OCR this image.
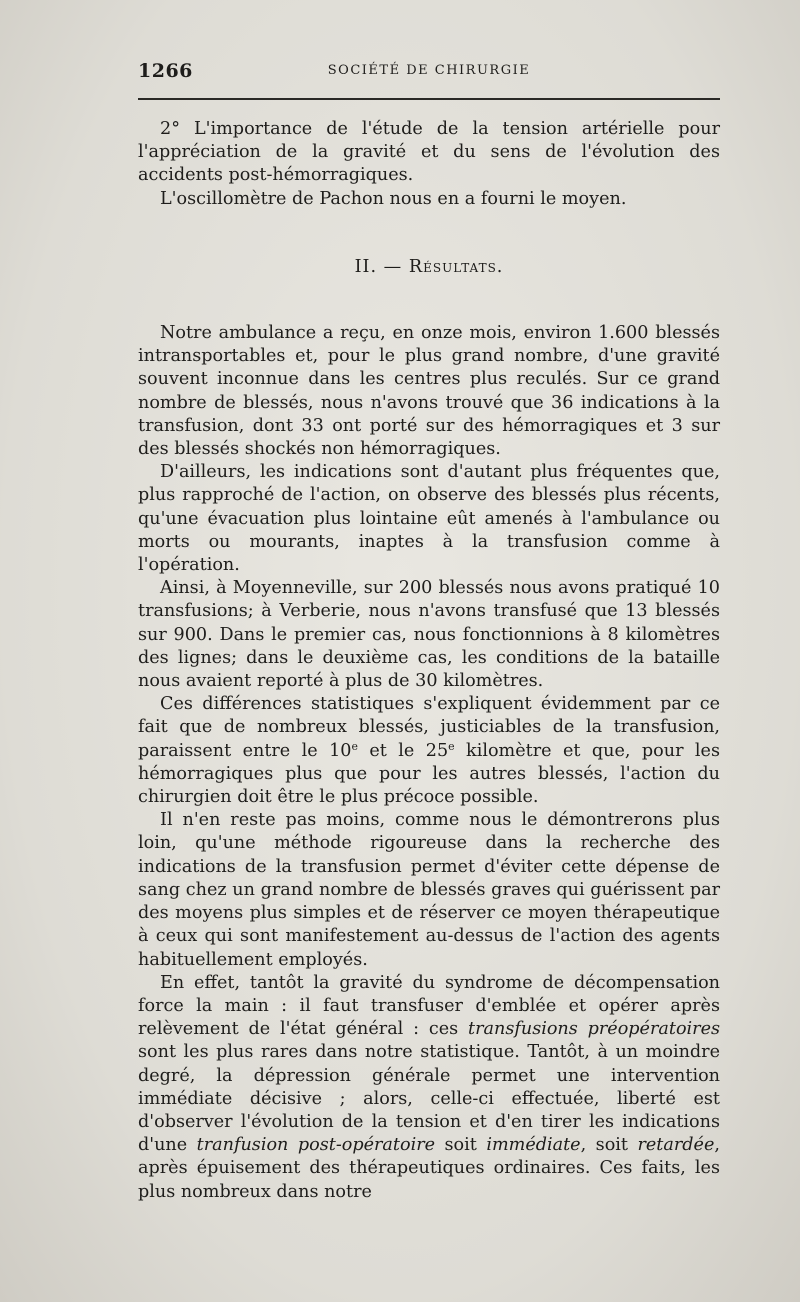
1266	SOCIÉTÉ DE CHIRURGIE

2° L'importance de l'étude de la tension artérielle pour l'appréciation de la gravité et du sens de l'évolution des accidents post-hémorragiques.

L'oscillomètre de Pachon nous en a fourni le moyen.

II. — Résultats.

Notre ambulance a reçu, en onze mois, environ 1.600 blessés intransportables et, pour le plus grand nombre, d'une gravité souvent inconnue dans les centres plus reculés. Sur ce grand nombre de blessés, nous n'avons trouvé que 36 indications à la transfusion, dont 33 ont porté sur des hémorragiques et 3 sur des blessés shockés non hémorragiques.

D'ailleurs, les indications sont d'autant plus fréquentes que, plus rapproché de l'action, on observe des blessés plus récents, qu'une évacuation plus lointaine eût amenés à l'ambulance ou morts ou mourants, inaptes à la transfusion comme à l'opération.

Ainsi, à Moyenneville, sur 200 blessés nous avons pratiqué 10 transfusions; à Verberie, nous n'avons transfusé que 13 blessés sur 900. Dans le premier cas, nous fonctionnions à 8 kilomètres des lignes; dans le deuxième cas, les conditions de la bataille nous avaient reporté à plus de 30 kilomètres.

Ces différences statistiques s'expliquent évidemment par ce fait que de nombreux blessés, justiciables de la transfusion, paraissent entre le 10e et le 25e kilomètre et que, pour les hémorragiques plus que pour les autres blessés, l'action du chirurgien doit être le plus précoce possible.

Il n'en reste pas moins, comme nous le démontrerons plus loin, qu'une méthode rigoureuse dans la recherche des indications de la transfusion permet d'éviter cette dépense de sang chez un grand nombre de blessés graves qui guérissent par des moyens plus simples et de réserver ce moyen thérapeutique à ceux qui sont manifestement au-dessus de l'action des agents habituellement employés.

En effet, tantôt la gravité du syndrome de décompensation force la main : il faut transfuser d'emblée et opérer après relèvement de l'état général : ces transfusions préopératoires sont les plus rares dans notre statistique. Tantôt, à un moindre degré, la dépression générale permet une intervention immédiate décisive ; alors, celle-ci effectuée, liberté est d'observer l'évolution de la tension et d'en tirer les indications d'une tranfusion post-opératoire soit immédiate, soit retardée, après épuisement des thérapeutiques ordinaires. Ces faits, les plus nombreux dans notre
